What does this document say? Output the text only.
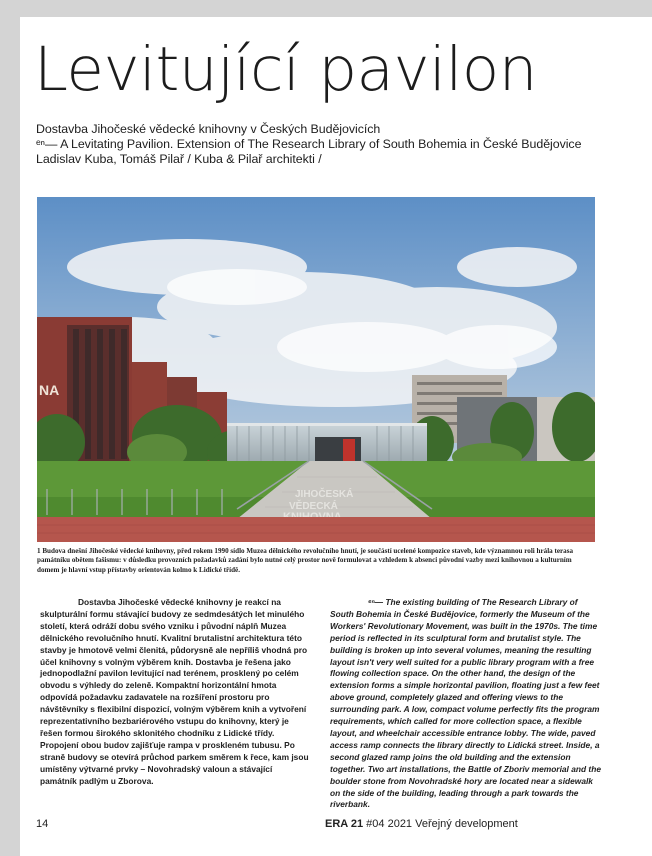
Levitující pavilon
Dostavba Jihočeské vědecké knihovny v Českých Budějovicích
ᵉⁿ— A Levitating Pavilion. Extension of The Research Library of South Bohemia in České Budějovice
Ladislav Kuba, Tomáš Pilař / Kuba & Pilař architekti /
NA
JIHOČESKÁ
VĚDECKÁ
1 Budova dnešní Jihočeské vědecké knihovny, před rokem 1990 sídlo Muzea dělnického revolučního hnutí, je součástí ucelené kompozice staveb, kde významnou roli hrála terasa památníku obětem fašismu: v důsledku provozních požadavků zadání bylo nutné celý prostor nově formulovat a vzhledem k absenci původní vazby mezi knihovnou a kulturním domem je hlavní vstup přístavby orientován kolmo k Lidické třídě.

Dostavba Jihočeské vědecké knihovny je reakcí na skulpturální formu stávající budovy ze sedmdesátých let minulého století, která odráží dobu svého vzniku i původní náplň Muzea dělnického revolučního hnutí. Kvalitní brutalistní architektura této stavby je hmotově velmi členitá, půdorysně ale nepříliš vhodná pro účel knihovny s volným výběrem knih. Dostavba je řešena jako jednopodlažní pavilon levitující nad terénem, prosklený po celém obvodu s výhledy do zeleně. Kompaktní horizontální hmota odpovídá požadavku zadavatele na rozšíření prostoru pro návštěvníky s flexibilní dispozicí, volným výběrem knih a vytvoření reprezentativního bezbariérového vstupu do knihovny, který je řešen formou širokého sklonitého chodníku z Lidické třídy. Propojení obou budov zajišťuje rampa v proskleném tubusu. Po straně budovy se otevírá průchod parkem směrem k řece, kam jsou umístěny výtvarné prvky – Novohradský valoun a stávající památník padlým u Zborova.

ᵉⁿ— The existing building of The Research Library of South Bohemia in České Budějovice, formerly the Museum of the Workers' Revolutionary Movement, was built in the 1970s. The time period is reflected in its sculptural form and brutalist style. The building is broken up into several volumes, meaning the resulting layout isn't very well suited for a public library program with a free flowing collection space. On the other hand, the design of the extension forms a simple horizontal pavilion, floating just a few feet above ground, completely glazed and offering views to the surrounding park. A low, compact volume perfectly fits the program requirements, which called for more collection space, a flexible layout, and wheelchair accessible entrance lobby. The wide, paved access ramp connects the library directly to Lidická street. Inside, a second glazed ramp joins the old building and the extension together. Two art installations, the Battle of Zboriv memorial and the boulder stone from Novohradské hory are located near a sidewalk on the side of the building, leading through a park towards the riverbank.

14	ERA 21 #04 2021 Veřejný development
